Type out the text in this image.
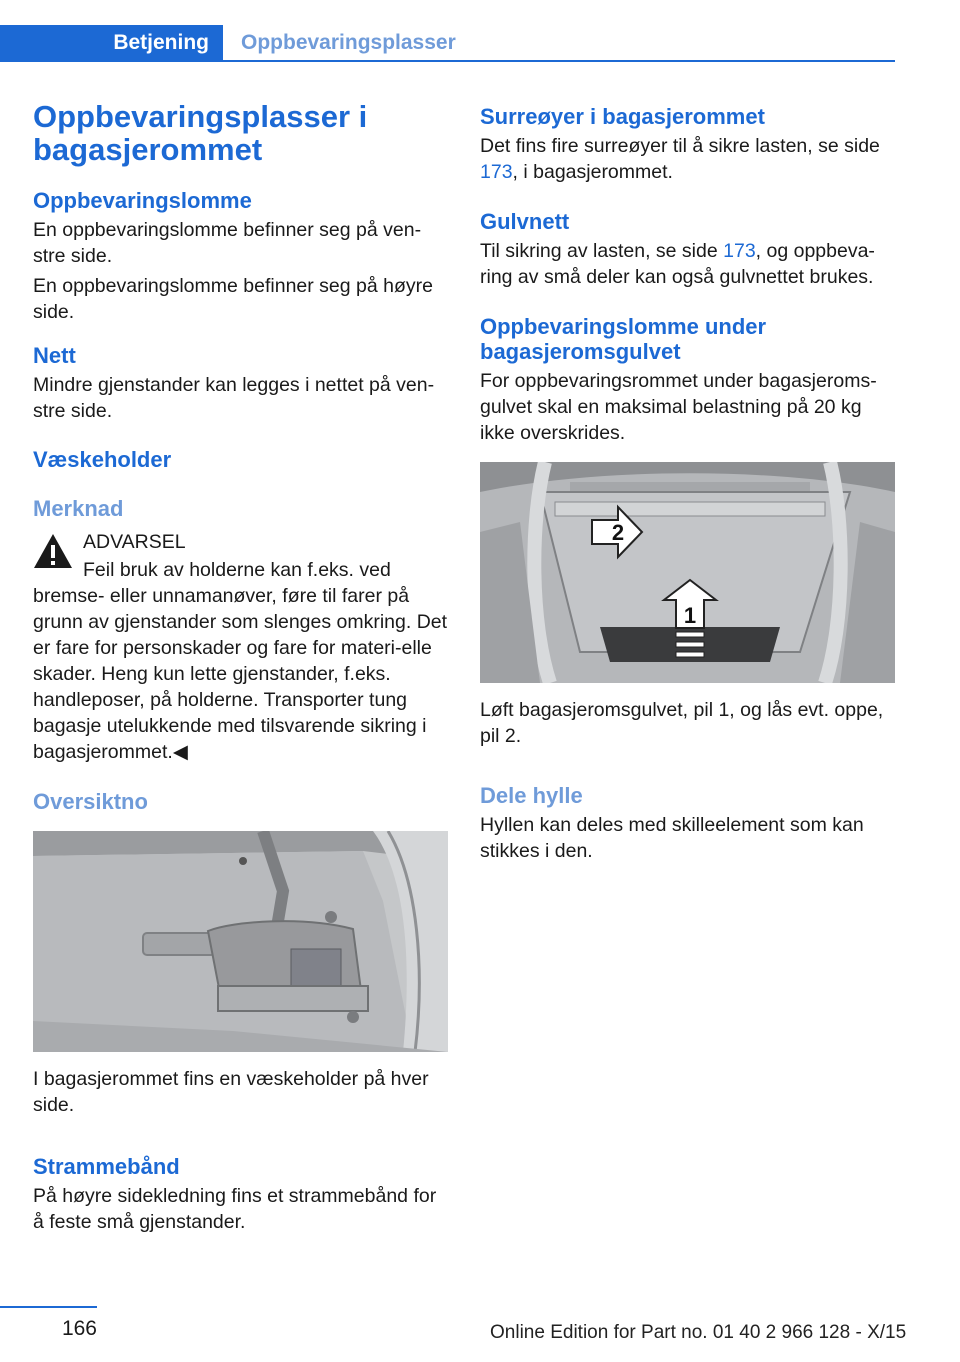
Betjening	Oppbevaringsplasser
Oppbevaringsplasser i bagasjerommet
Oppbevaringslomme

En oppbevaringslomme befinner seg på ven‐stre side.

En oppbevaringslomme befinner seg på høyre side.

Nett

Mindre gjenstander kan legges i nettet på ven‐stre side.

Væskeholder
Merknad

ADVARSEL

Feil bruk av holderne kan f.eks. ved

bremse- eller unnamanøver, føre til farer på grunn av gjenstander som slenges omkring. Det er fare for personskader og fare for materi‐elle skader. Heng kun lette gjenstander, f.eks. handleposer, på holderne. Transporter tung bagasje utelukkende med tilsvarende sikring i bagasjerommet.◀

Oversiktno

I bagasjerommet fins en væskeholder på hver side.

Strammebånd

På høyre sidekledning fins et strammebånd for å feste små gjenstander.

Surreøyer i bagasjerommet

Det fins fire surreøyer til å sikre lasten, se side 173, i bagasjerommet.

Gulvnett

Til sikring av lasten, se side 173, og oppbeva‐ring av små deler kan også gulvnettet brukes.

Oppbevaringslomme under bagasjeromsgulvet

For oppbevaringsrommet under bagasjeroms‐gulvet skal en maksimal belastning på 20 kg ikke overskrides.

1
2

Løft bagasjeromsgulvet, pil 1, og lås evt. oppe, pil 2.

Dele hylle

Hyllen kan deles med skilleelement som kan stikkes i den.

166	Online Edition for Part no. 01 40 2 966 128 - X/15
